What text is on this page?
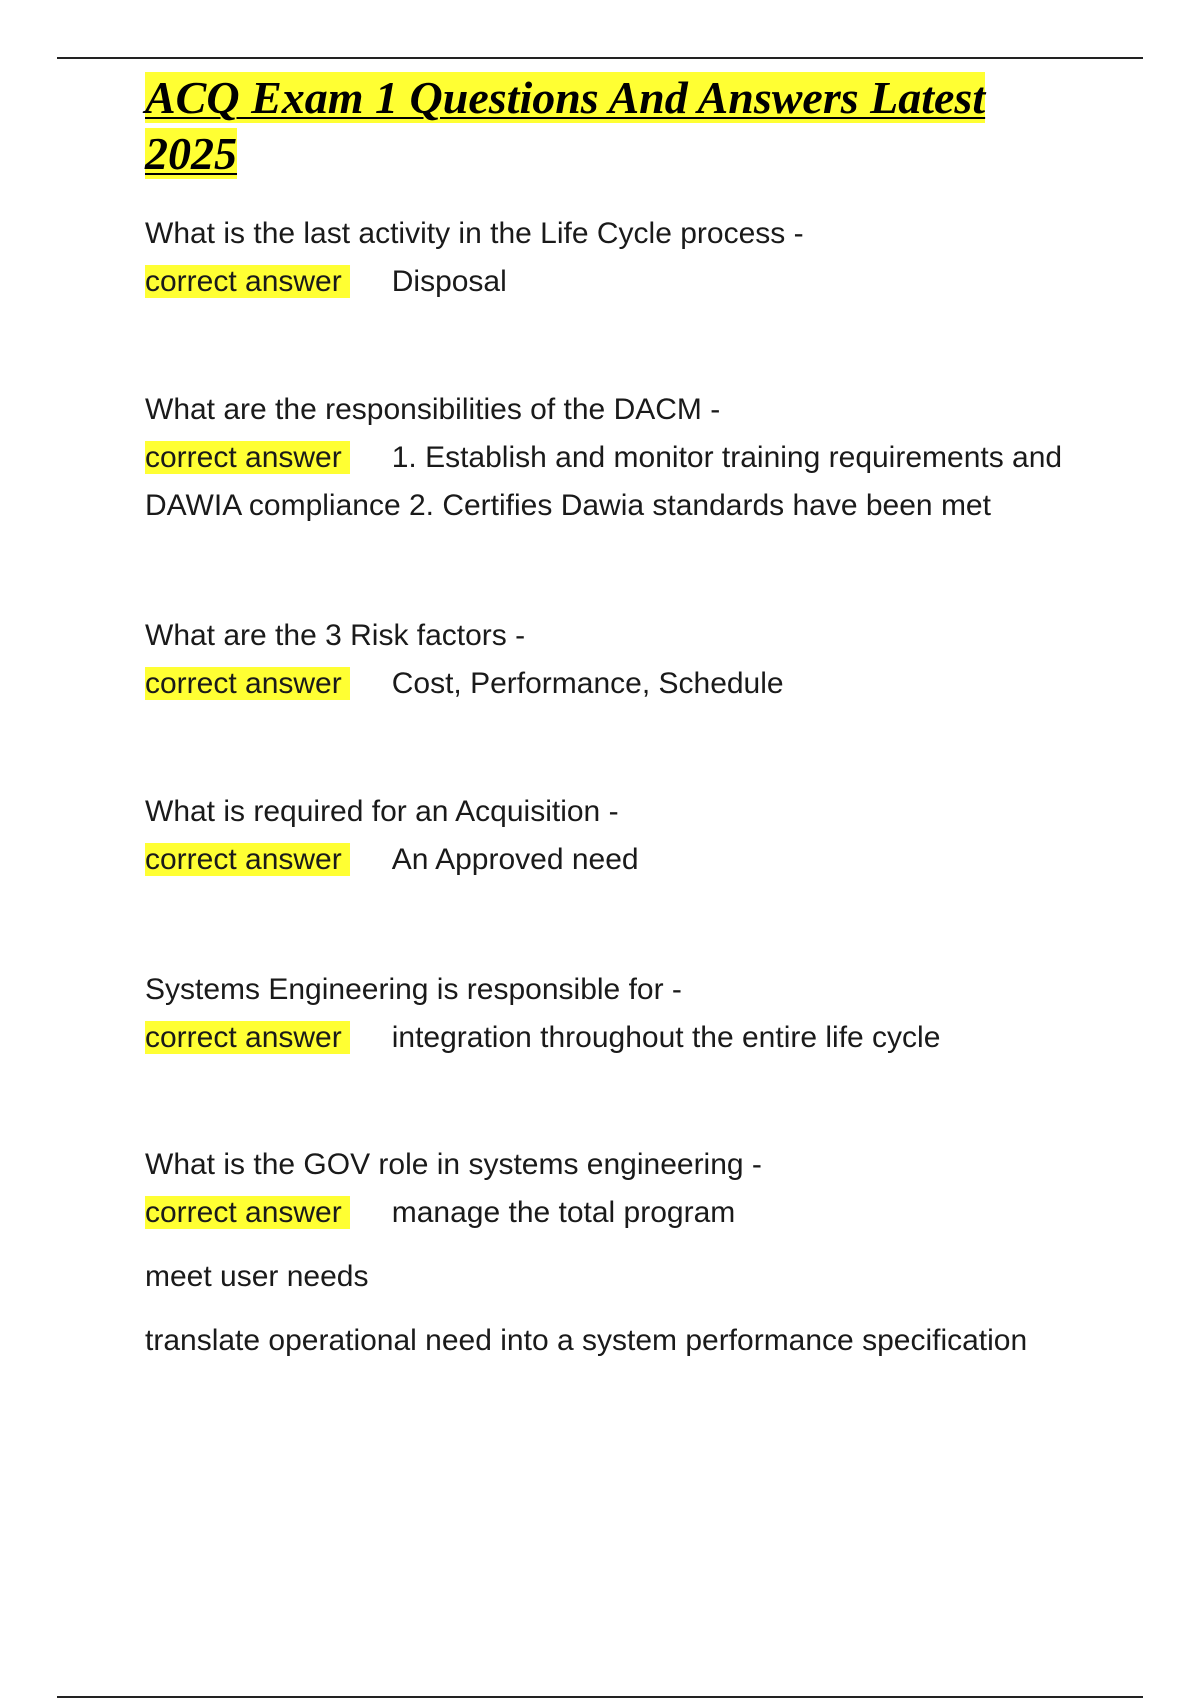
ACQ Exam 1 Questions And Answers Latest 2025
What is the last activity in the Life Cycle process -
correct answer Disposal
What are the responsibilities of the DACM -
correct answer 1. Establish and monitor training requirements and DAWIA compliance 2. Certifies Dawia standards have been met
What are the 3 Risk factors -
correct answer Cost, Performance, Schedule
What is required for an Acquisition -
correct answer An Approved need
Systems Engineering is responsible for -
correct answer integration throughout the entire life cycle
What is the GOV role in systems engineering -
correct answer manage the total program
meet user needs
translate operational need into a system performance specification
